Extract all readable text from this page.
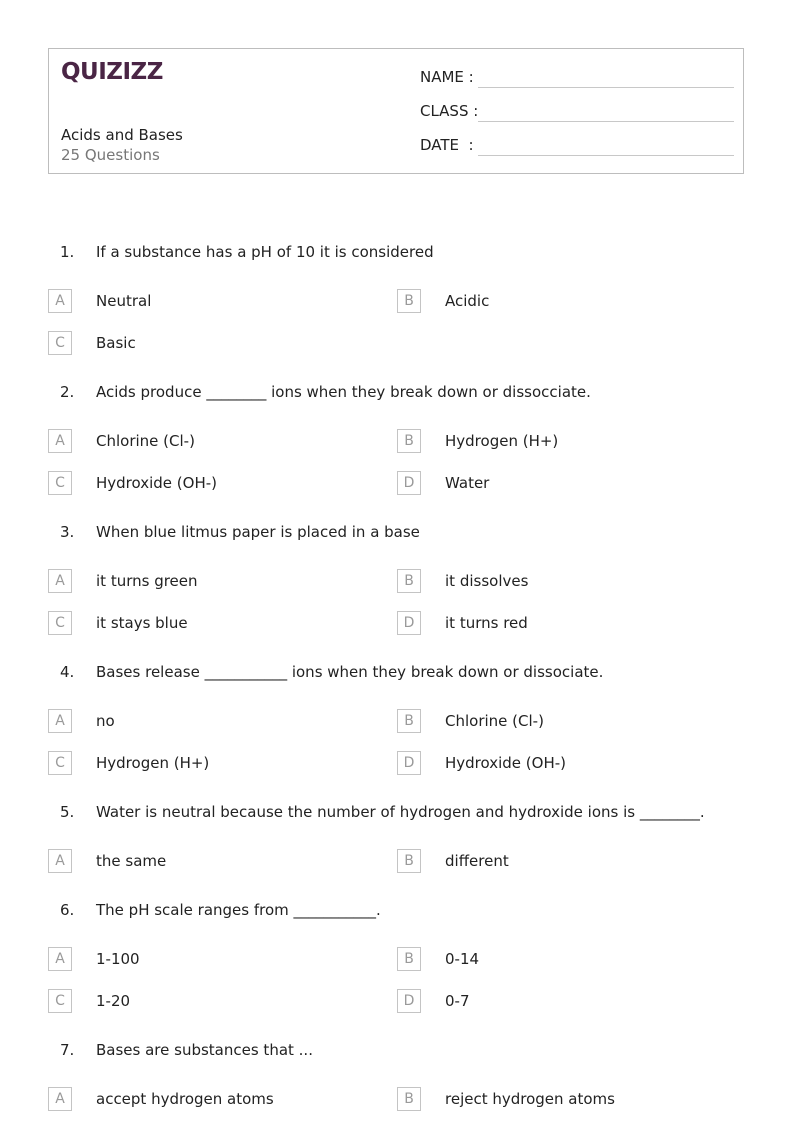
QUIZIZZ
Acids and Bases
25 Questions
NAME :
CLASS :
DATE  :
1. If a substance has a pH of 10 it is considered
A	Neutral	B	Acidic
C	Basic
2. Acids produce ________ ions when they break down or dissocciate.
A	Chlorine (Cl-)	B	Hydrogen (H+)
C	Hydroxide (OH-)	D	Water
3. When blue litmus paper is placed in a base
A	it turns green	B	it dissolves
C	it stays blue	D	it turns red
4. Bases release ___________ ions when they break down or dissociate.
A	no	B	Chlorine (Cl-)
C	Hydrogen (H+)	D	Hydroxide (OH-)
5. Water is neutral because the number of hydrogen and hydroxide ions is ________.
A	the same	B	different
6. The pH scale ranges from ___________.
A	1-100	B	0-14
C	1-20	D	0-7
7. Bases are substances that ...
A	accept hydrogen atoms	B	reject hydrogen atoms
